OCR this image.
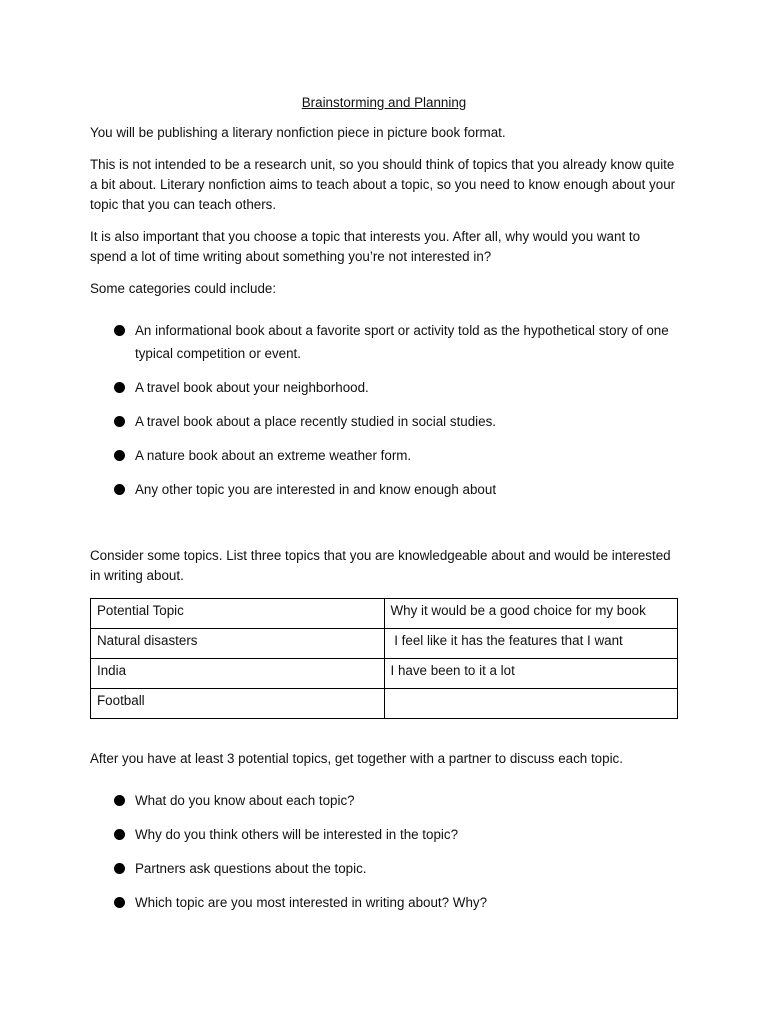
Brainstorming and Planning

You will be publishing a literary nonfiction piece in picture book format.

This is not intended to be a research unit, so you should think of topics that you already know quite a bit about. Literary nonfiction aims to teach about a topic, so you need to know enough about your topic that you can teach others.

It is also important that you choose a topic that interests you. After all, why would you want to spend a lot of time writing about something you’re not interested in?

Some categories could include:

An informational book about a favorite sport or activity told as the hypothetical story of one typical competition or event.
A travel book about your neighborhood.
A travel book about a place recently studied in social studies.
A nature book about an extreme weather form.
Any other topic you are interested in and know enough about

Consider some topics. List three topics that you are knowledgeable about and would be interested in writing about.

Potential Topic	Why it would be a good choice for my book
Natural disasters	I feel like it has the features that I want
India	I have been to it a lot
Football	

After you have at least 3 potential topics, get together with a partner to discuss each topic.

What do you know about each topic?
Why do you think others will be interested in the topic?
Partners ask questions about the topic.
Which topic are you most interested in writing about? Why?
